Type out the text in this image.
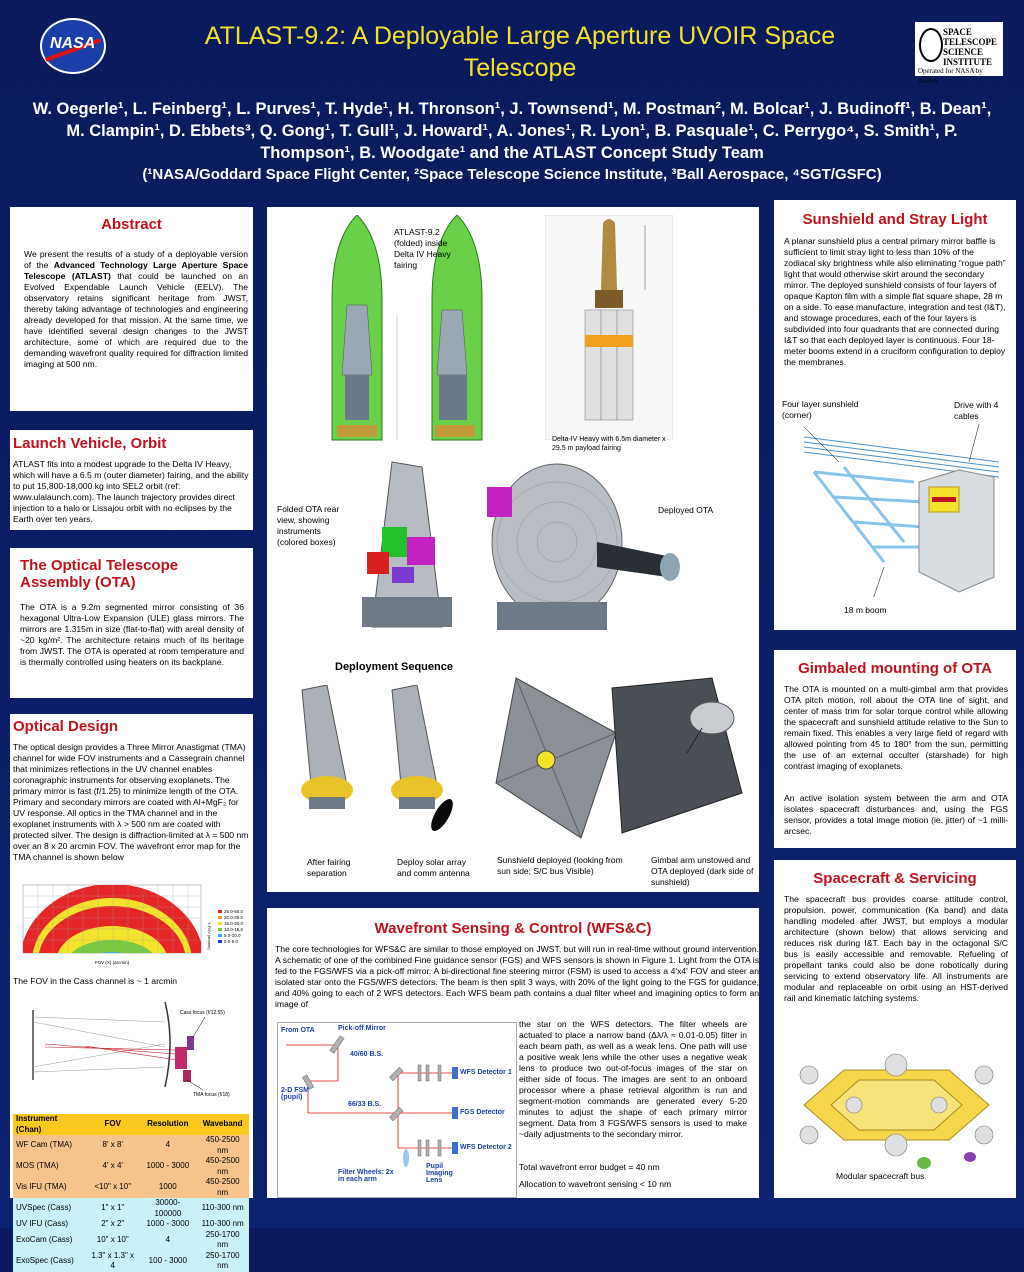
NASA
SPACE
TELESCOPE
SCIENCE
INSTITUTE
Operated for NASA by AURA
ATLAST-9.2: A Deployable Large Aperture UVOIR Space
Telescope
W. Oegerle¹, L. Feinberg¹, L. Purves¹, T. Hyde¹, H. Thronson¹, J. Townsend¹, M. Postman², M. Bolcar¹, J. Budinoff¹, B. Dean¹, M. Clampin¹, D. Ebbets³, Q. Gong¹, T. Gull¹, J. Howard¹, A. Jones¹, R. Lyon¹, B. Pasquale¹, C. Perrygo⁴, S. Smith¹, P. Thompson¹, B. Woodgate¹ and the ATLAST Concept Study Team
(¹NASA/Goddard Space Flight Center, ²Space Telescope Science Institute, ³Ball Aerospace, ⁴SGT/GSFC)
Abstract
We present the results of a study of a deployable version of the Advanced Technology Large Aperture Space Telescope (ATLAST) that could be launched on an Evolved Expendable Launch Vehicle (EELV). The observatory retains significant heritage from JWST, thereby taking advantage of technologies and engineering already developed for that mission. At the same time, we have identified several design changes to the JWST architecture, some of which are required due to the demanding wavefront quality required for diffraction limited imaging at 500 nm.
Launch Vehicle, Orbit
ATLAST fits into a modest upgrade to the Delta IV Heavy, which will have a 6.5 m (outer diameter) fairing, and the ability to put 15,800-18,000 kg into SEL2 orbit (ref: www.ulalaunch.com). The launch trajectory provides direct injection to a halo or Lissajou orbit with no eclipses by the Earth over ten years.
The Optical Telescope Assembly (OTA)
The OTA is a 9.2m segmented mirror consisting of 36 hexagonal Ultra-Low Expansion (ULE) glass mirrors. The mirrors are 1.315m in size (flat-to-flat) with areal density of ~20 kg/m². The architecture retains much of its heritage from JWST. The OTA is operated at room temperature and is thermally controlled using heaters on its backplane.
Optical Design
The optical design provides a Three Mirror Anastigmat (TMA) channel for wide FOV instruments and a Cassegrain channel that minimizes reflections in the UV channel enables coronagraphic instruments for observing exoplanets. The primary mirror is fast (f/1.25) to minimize length of the OTA. Primary and secondary mirrors are coated with Al+MgF₂ for UV response. All optics in the TMA channel and in the exoplanet instruments with λ > 500 nm are coated with protected silver. The design is diffraction-limited at λ = 500 nm over an 8 x 20 arcmin FOV. The wavefront error map for the TMA channel is shown below
Y-FOV (arcmin)
25.0-50.0
20.0-25.0
15.0-20.0
10.0-15.0
5.0-10.0
0.0-5.0
FOV (X) (arcmin)
The FOV in the Cass channel is ~ 1 arcmin
Cass focus (f/12.55)
TMA focus (f/18)
Instrument (Chan)	FOV	Resolution	Waveband
WF Cam (TMA)	8' x 8'	4	450-2500 nm
MOS (TMA)	4' x 4'	1000 - 3000	450-2500 nm
Vis IFU (TMA)	<10" x 10"	1000	450-2500 nm
UVSpec (Cass)	1" x 1"	30000-100000	110-300 nm
UV IFU (Cass)	2" x 2"	1000 - 3000	110-300 nm
ExoCam (Cass)	10" x 10"	4	250-1700 nm
ExoSpec (Cass)	1.3" x 1.3" x 4	100 - 3000	250-1700 nm
ATLAST-9.2 (folded) inside Delta IV Heavy fairing
Delta-IV Heavy with 6.5m diameter x 29.5 m payload fairing
Folded OTA rear view, showing instruments (colored boxes)
Deployed OTA
Deployment Sequence
After fairing separation
Deploy solar array and comm antenna
Sunshield deployed (looking from sun side; S/C bus Visible)
Gimbal arm unstowed and OTA deployed (dark side of sunshield)
Wavefront Sensing & Control (WFS&C)
The core technologies for WFS&C are similar to those employed on JWST, but will run in real-time without ground intervention. A schematic of one of the combined Fine guidance sensor (FGS) and WFS sensors is shown in Figure 1. Light from the OTA is fed to the FGS/WFS via a pick-off mirror. A bi-directional fine steering mirror (FSM) is used to access a 4'x4' FOV and steer an isolated star onto the FGS/WFS detectors. The beam is then split 3 ways, with 20% of the light going to the FGS for guidance, and 40% going to each of 2 WFS detectors. Each WFS beam path contains a dual filter wheel and imagining optics to form an image of
From OTA	Pick-off Mirror
40/60 B.S.
2-D FSM (pupil)
66/33 B.S.
WFS Detector 1
FGS Detector
WFS Detector 2
Filter Wheels: 2x in each arm
Pupil Imaging Lens
the star on the WFS detectors. The filter wheels are actuated to place a narrow band (Δλ/λ ≈ 0.01-0.05) filter in each beam path, as well as a weak lens. One path will use a positive weak lens while the other uses a negative weak lens to produce two out-of-focus images of the star on either side of focus. The images are sent to an onboard processor where a phase retrieval algorithm is run and segment-motion commands are generated every 5-20 minutes to adjust the shape of each primary mirror segment. Data from 3 FGS/WFS sensors is used to make ~daily adjustments to the secondary mirror.
Total wavefront error budget = 40 nm
Allocation to wavefront sensing < 10 nm
Sunshield and Stray Light
A planar sunshield plus a central primary mirror baffle is sufficient to limit stray light to less than 10% of the zodiacal sky brightness while also eliminating “rogue path” light that would otherwise skirt around the secondary mirror. The deployed sunshield consists of four layers of opaque Kapton film with a simple flat square shape, 28 m on a side. To ease manufacture, integration and test (I&T), and stowage procedures, each of the four layers is subdivided into four quadrants that are connected during I&T so that each deployed layer is continuous. Four 18-meter booms extend in a cruciform configuration to deploy the membranes.
Four layer sunshield (corner)
Drive with 4 cables
18 m boom
Gimbaled mounting of OTA
The OTA is mounted on a multi-gimbal arm that provides OTA pitch motion, roll about the OTA line of sight, and center of mass trim for solar torque control while allowing the spacecraft and sunshield attitude relative to the Sun to remain fixed. This enables a very large field of regard with allowed pointing from 45 to 180° from the sun, permitting the use of an external occulter (starshade) for high contrast imaging of exoplanets.
An active isolation system between the arm and OTA isolates spacecraft disturbances and, using the FGS sensor, provides a total image motion (ie. jitter) of ~1 milli-arcsec.
Spacecraft & Servicing
The spacecraft bus provides coarse attitude control, propulsion, power, communication (Ka band) and data handling modeled after JWST, but employs a modular architecture (shown below) that allows servicing and reduces risk during I&T. Each bay in the octagonal S/C bus is easily accessible and removable. Refueling of propellant tanks could also be done robotically during servicing to extend observatory life. All instruments are modular and replaceable on orbit using an HST-derived rail and kinematic latching systems.
Modular spacecraft bus
